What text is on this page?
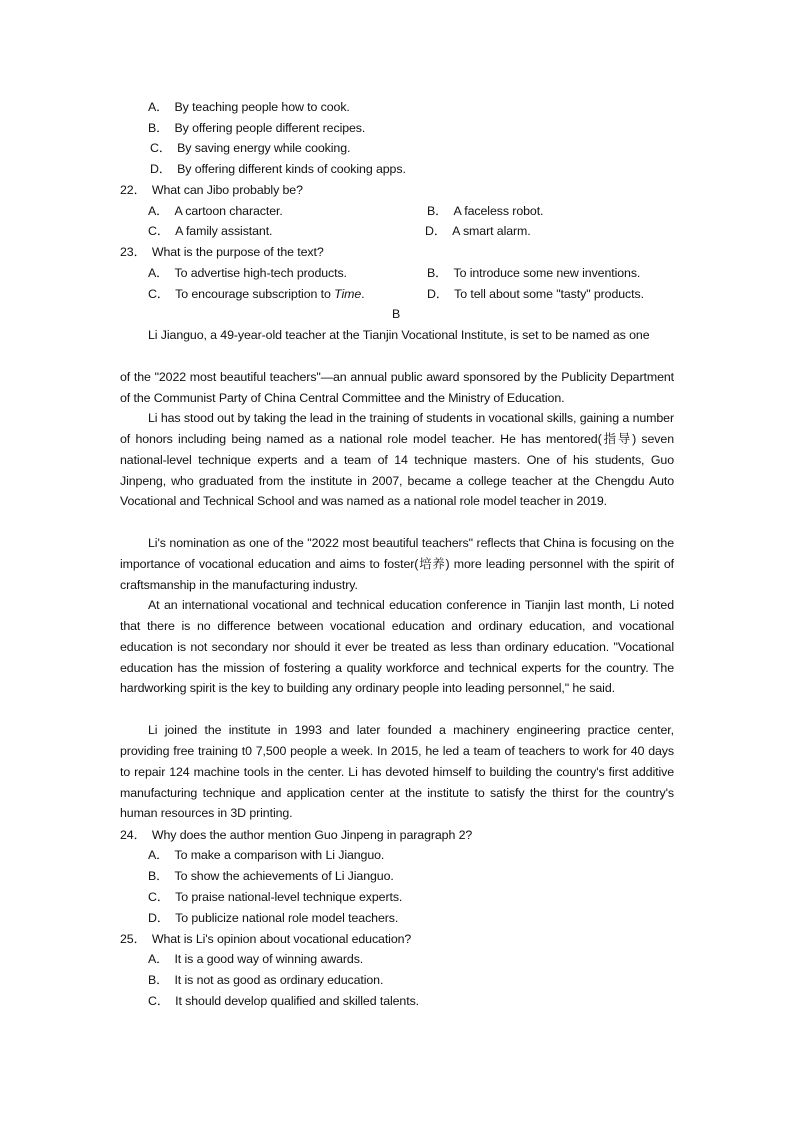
A． By teaching people how to cook.
B． By offering people different recipes.
C． By saving energy while cooking.
D． By offering different kinds of cooking apps.
22． What can Jibo probably be?
A． A cartoon character.	B． A faceless robot.
C． A family assistant.	D． A smart alarm.
23． What is the purpose of the text?
A． To advertise high-tech products.	B． To introduce some new inventions.
C． To encourage subscription to Time.	D． To tell about some "tasty" products.
B
Li Jianguo, a 49-year-old teacher at the Tianjin Vocational Institute, is set to be named as one
of the "2022 most beautiful teachers"—an annual public award sponsored by the Publicity Department of the Communist Party of China Central Committee and the Ministry of Education.
Li has stood out by taking the lead in the training of students in vocational skills, gaining a number of honors including being named as a national role model teacher. He has mentored(指导) seven national-level technique experts and a team of 14 technique masters. One of his students, Guo Jinpeng, who graduated from the institute in 2007, became a college teacher at the Chengdu Auto Vocational and Technical School and was named as a national role model teacher in 2019.
Li's nomination as one of the "2022 most beautiful teachers" reflects that China is focusing on the importance of vocational education and aims to foster(培养) more leading personnel with the spirit of craftsmanship in the manufacturing industry.
At an international vocational and technical education conference in Tianjin last month, Li noted that there is no difference between vocational education and ordinary education, and vocational education is not secondary nor should it ever be treated as less than ordinary education. "Vocational education has the mission of fostering a quality workforce and technical experts for the country. The hardworking spirit is the key to building any ordinary people into leading personnel," he said.
Li joined the institute in 1993 and later founded a machinery engineering practice center, providing free training t0 7,500 people a week. In 2015, he led a team of teachers to work for 40 days to repair 124 machine tools in the center. Li has devoted himself to building the country's first additive manufacturing technique and application center at the institute to satisfy the thirst for the country's human resources in 3D printing.
24． Why does the author mention Guo Jinpeng in paragraph 2?
A． To make a comparison with Li Jianguo.
B． To show the achievements of Li Jianguo.
C． To praise national-level technique experts.
D． To publicize national role model teachers.
25． What is Li's opinion about vocational education?
A． It is a good way of winning awards.
B． It is not as good as ordinary education.
C． It should develop qualified and skilled talents.
